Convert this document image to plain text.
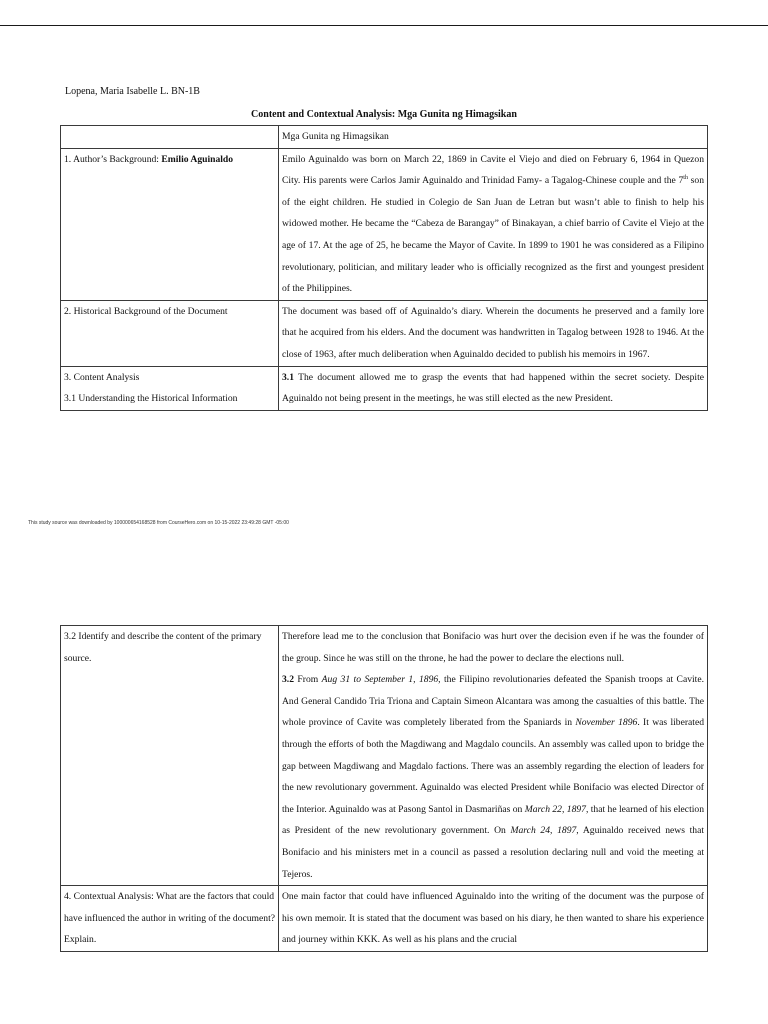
Lopena, Maria Isabelle L. BN-1B
Content and Contextual Analysis: Mga Gunita ng Himagsikan
	Mga Gunita ng Himagsikan
1. Author’s Background: Emilio Aguinaldo	Emilo Aguinaldo was born on March 22, 1869 in Cavite el Viejo and died on February 6, 1964 in Quezon City. His parents were Carlos Jamir Aguinaldo and Trinidad Famy- a Tagalog-Chinese couple and the 7th son of the eight children. He studied in Colegio de San Juan de Letran but wasn’t able to finish to help his widowed mother. He became the “Cabeza de Barangay” of Binakayan, a chief barrio of Cavite el Viejo at the age of 17. At the age of 25, he became the Mayor of Cavite. In 1899 to 1901 he was considered as a Filipino revolutionary, politician, and military leader who is officially recognized as the first and youngest president of the Philippines.
2. Historical Background of the Document	The document was based off of Aguinaldo’s diary. Wherein the documents he preserved and a family lore that he acquired from his elders. And the document was handwritten in Tagalog between 1928 to 1946. At the close of 1963, after much deliberation when Aguinaldo decided to publish his memoirs in 1967.

3. Content Analysis

3.1 Understanding the Historical Information	3.1 The document allowed me to grasp the events that had happened within the secret society. Despite Aguinaldo not being present in the meetings, he was still elected as the new President.
This study source was downloaded by 100000654168528 from CourseHero.com on 10-15-2022 23:49:28 GMT -05:00
3.2 Identify and describe the content of the primary source.	Therefore lead me to the conclusion that Bonifacio was hurt over the decision even if he was the founder of the group. Since he was still on the throne, he had the power to declare the elections null.

3.2 From Aug 31 to September 1, 1896, the Filipino revolutionaries defeated the Spanish troops at Cavite. And General Candido Tria Triona and Captain Simeon Alcantara was among the casualties of this battle. The whole province of Cavite was completely liberated from the Spaniards in November 1896. It was liberated through the efforts of both the Magdiwang and Magdalo councils. An assembly was called upon to bridge the gap between Magdiwang and Magdalo factions. There was an assembly regarding the election of leaders for the new revolutionary government. Aguinaldo was elected President while Bonifacio was elected Director of the Interior. Aguinaldo was at Pasong Santol in Dasmariñas on March 22, 1897, that he learned of his election as President of the new revolutionary government. On March 24, 1897, Aguinaldo received news that Bonifacio and his ministers met in a council as passed a resolution declaring null and void the meeting at Tejeros.

4. Contextual Analysis: What are the factors that could have influenced the author in writing of the document? Explain.	One main factor that could have influenced Aguinaldo into the writing of the document was the purpose of his own memoir. It is stated that the document was based on his diary, he then wanted to share his experience and journey within KKK. As well as his plans and the crucial
